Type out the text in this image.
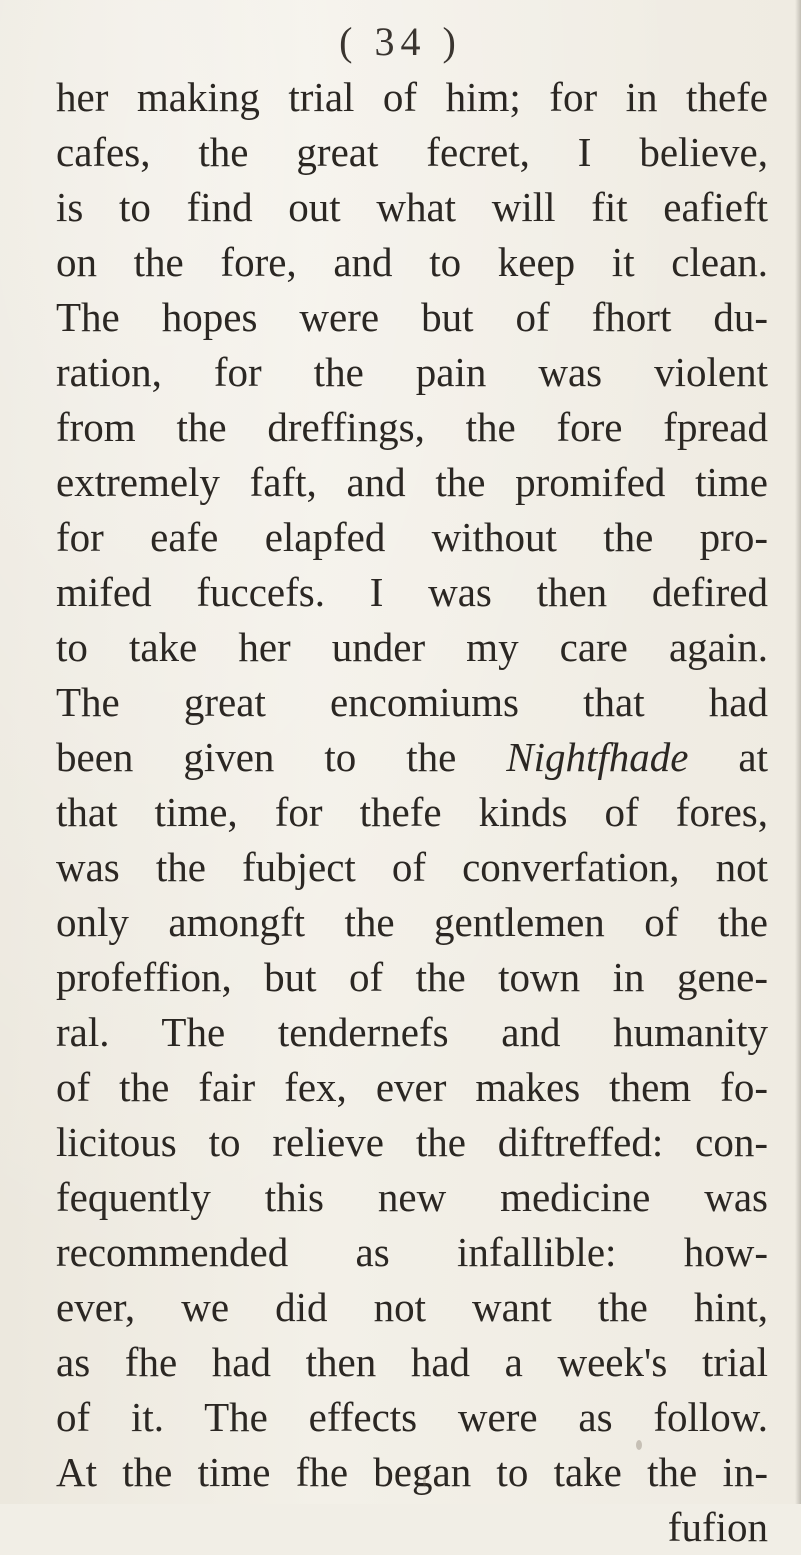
( 34 )
her making trial of him; for in thefe
cafes, the great fecret, I believe,
is to find out what will fit eafieft
on the fore, and to keep it clean.
The hopes were but of fhort du-
ration, for the pain was violent
from the dreffings, the fore fpread
extremely faft, and the promifed time
for eafe elapfed without the pro-
mifed fuccefs. I was then defired
to take her under my care again.
The great encomiums that had
been given to the Nightfhade at
that time, for thefe kinds of fores,
was the fubject of converfation, not
only amongft the gentlemen of the
profeffion, but of the town in gene-
ral. The tendernefs and humanity
of the fair fex, ever makes them fo-
licitous to relieve the diftreffed: con-
fequently this new medicine was
recommended as infallible: how-
ever, we did not want the hint,
as fhe had then had a week's trial
of it. The effects were as follow.
At the time fhe began to take the in-
fufion
